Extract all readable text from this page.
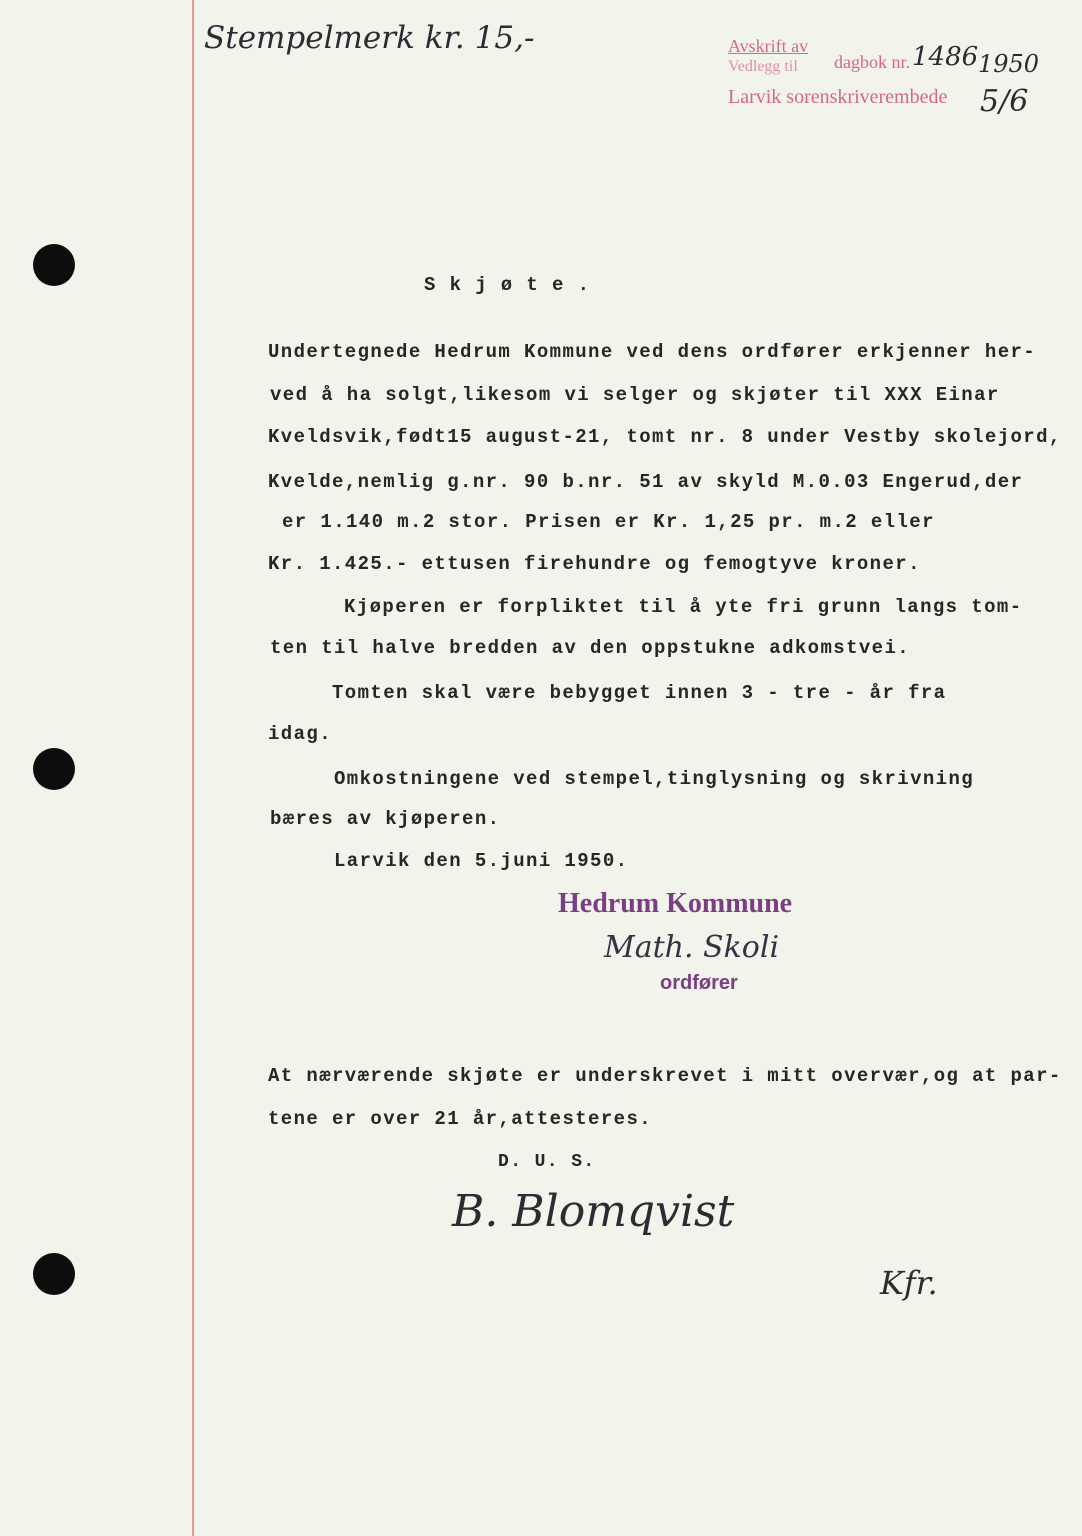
Stempelmerk kr. 15,-	Avskrift av
Vedlegg til dagbok nr. 1486 1950
Larvik sorenskriverembede 5/6
S k j ø t e .
Undertegnede Hedrum Kommune ved dens ordfører erkjenner her-
ved å ha solgt,likesom vi selger og skjøter til XXX Einar
Kveldsvik,født15 august-21, tomt nr. 8 under Vestby skolejord,
Kvelde,nemlig g.nr. 90 b.nr. 51 av skyld M.0.03 Engerud,der
er 1.140 m.2 stor. Prisen er Kr. 1,25 pr. m.2 eller
Kr. 1.425.- ettusen firehundre og femogtyve kroner.
Kjøperen er forpliktet til å yte fri grunn langs tom-
ten til halve bredden av den oppstukne adkomstvei.
Tomten skal være bebygget innen 3 - tre - år fra
idag.
Omkostningene ved stempel,tinglysning og skrivning
bæres av kjøperen.
Larvik den 5.juni 1950.
Hedrum Kommune
Math. Skoli
ordfører
At nærværende skjøte er underskrevet i mitt overvær,og at par-
tene er over 21 år,attesteres.
D. U. S.
B. Blomqvist
Kfr.
